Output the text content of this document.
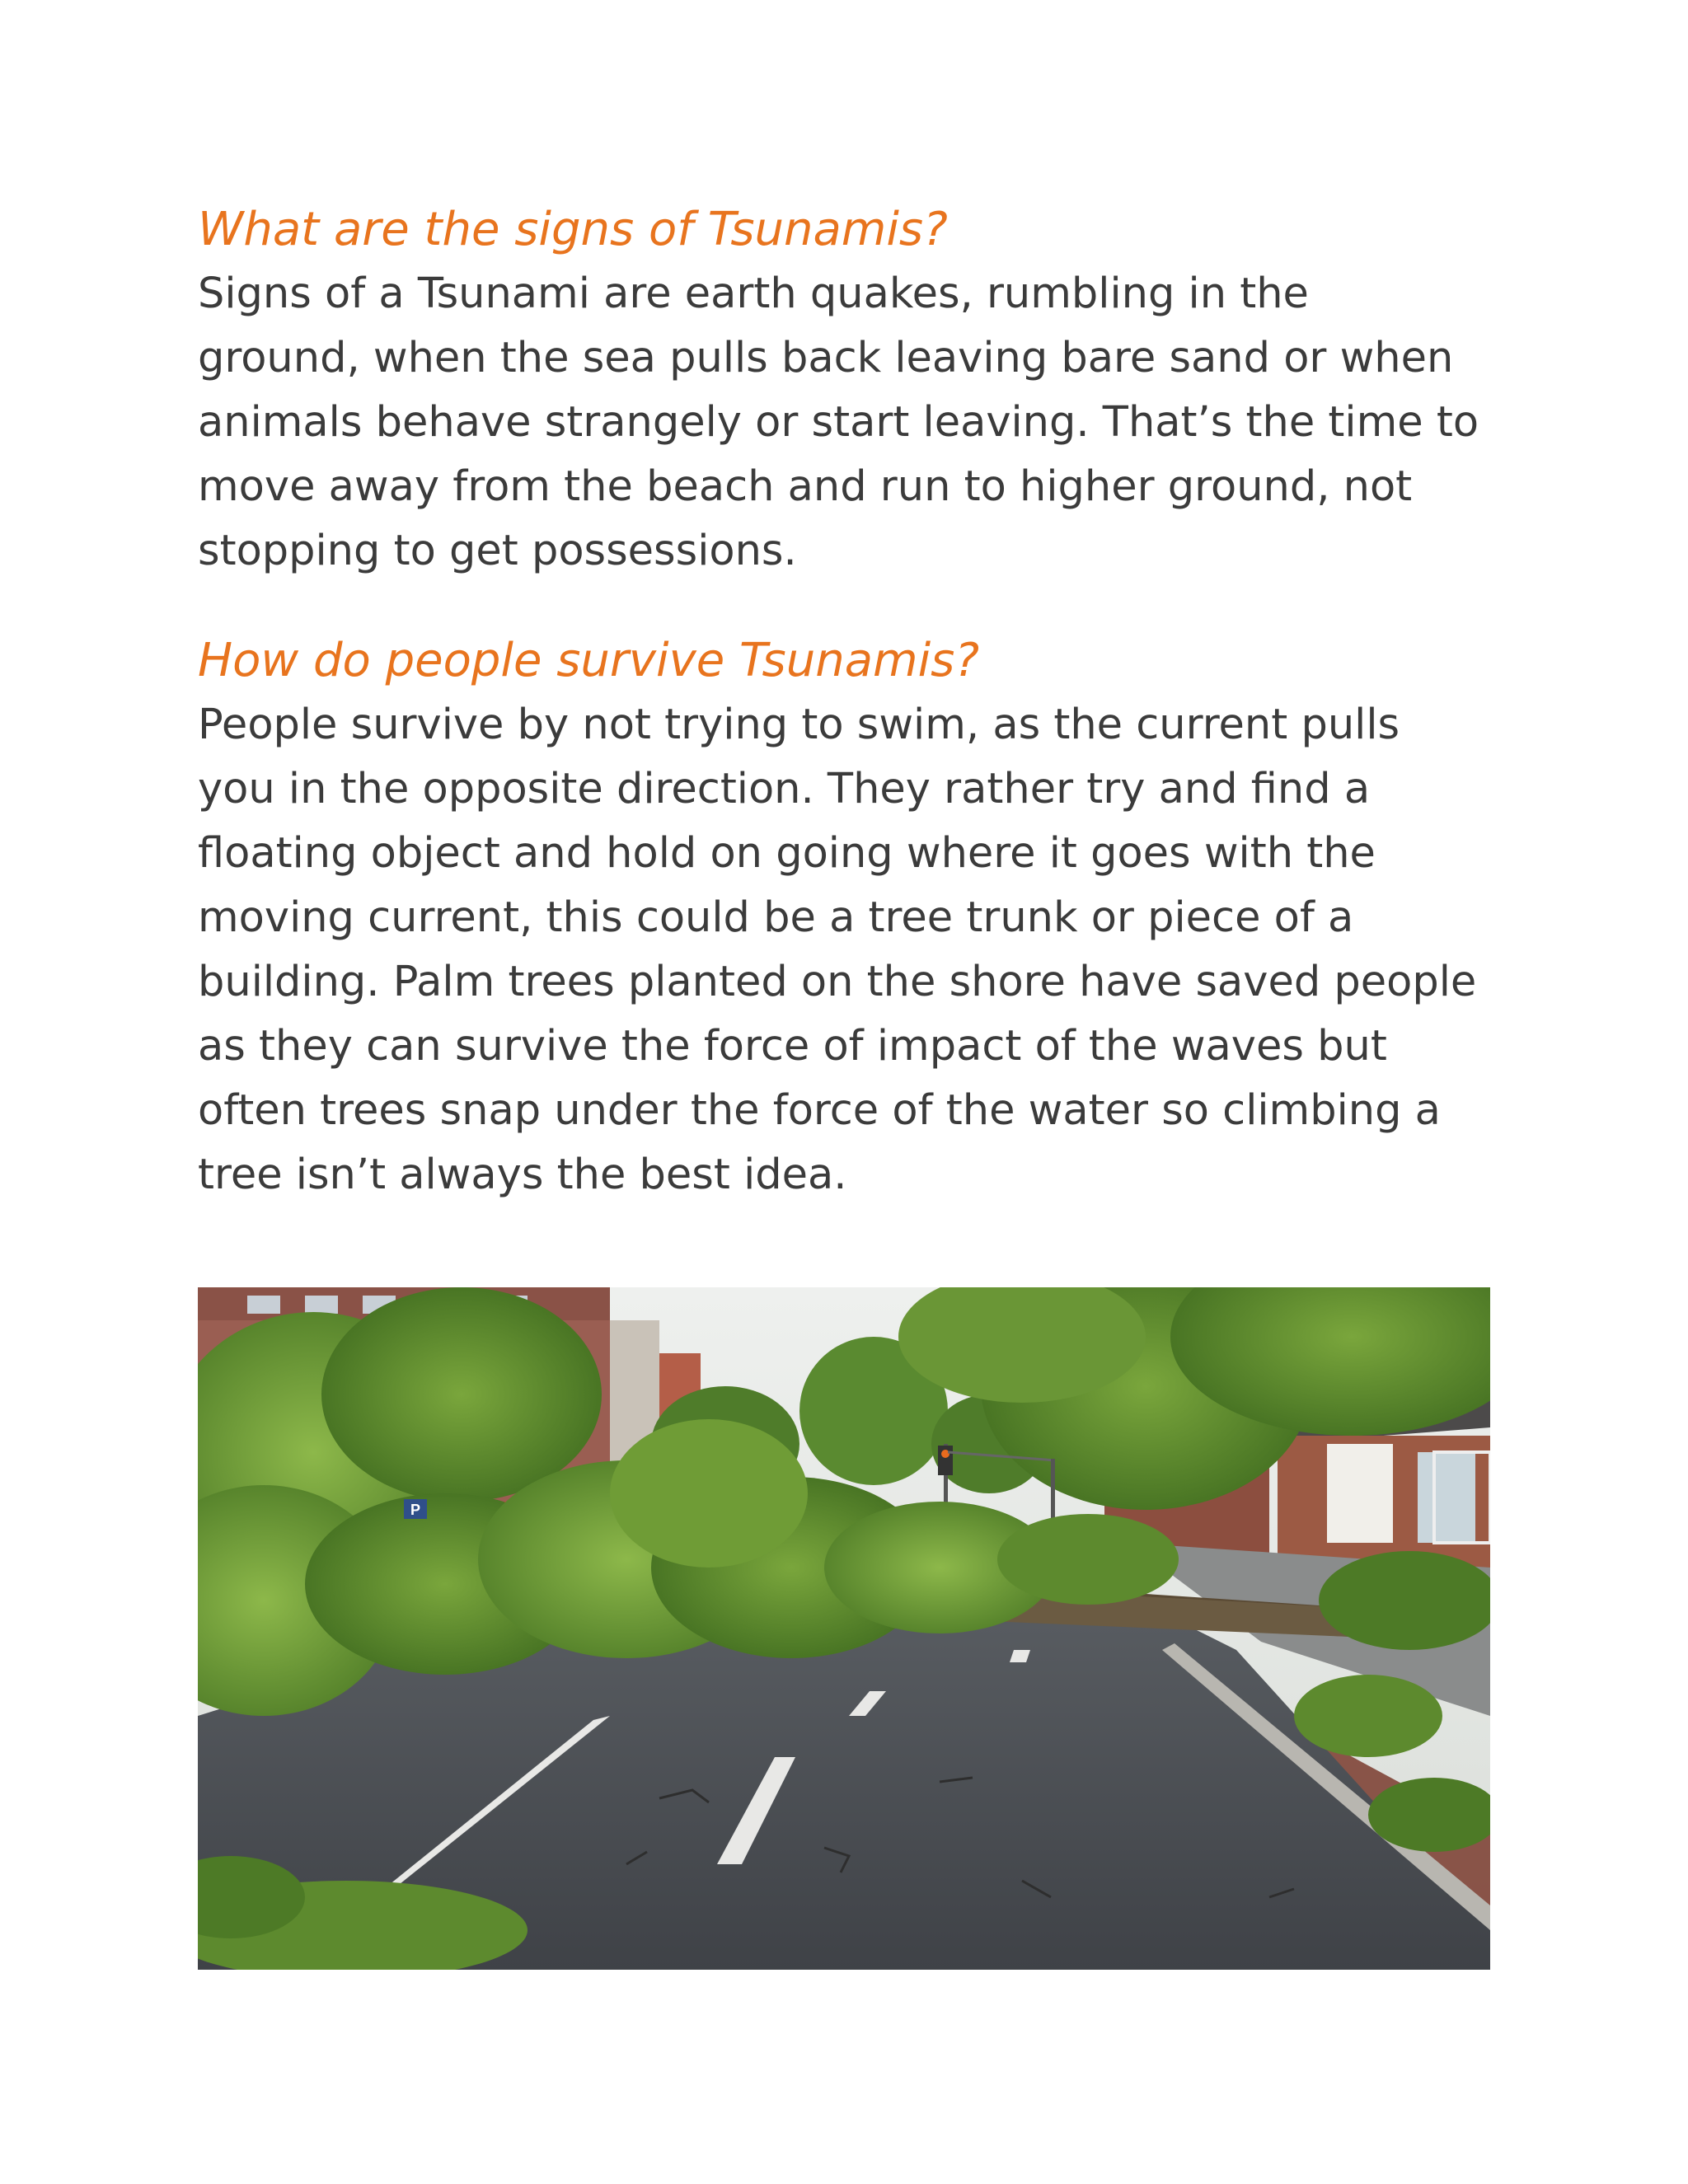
What are the signs of Tsunamis?

Signs of a Tsunami are earth quakes, rumbling in the
ground, when the sea pulls back leaving bare sand or when
animals behave strangely or start leaving. That’s the time to
move away from the beach and run to higher ground, not
stopping to get possessions.

How do people survive Tsunamis?

People survive by not trying to swim, as the current pulls
you in the opposite direction. They rather try and find a
floating object and hold on going where it goes with the
moving current, this could be a tree trunk or piece of a
building. Palm trees planted on the shore have saved people
as they can survive the force of impact of the waves but
often trees snap under the force of the water so climbing a
tree isn’t always the best idea.

P
